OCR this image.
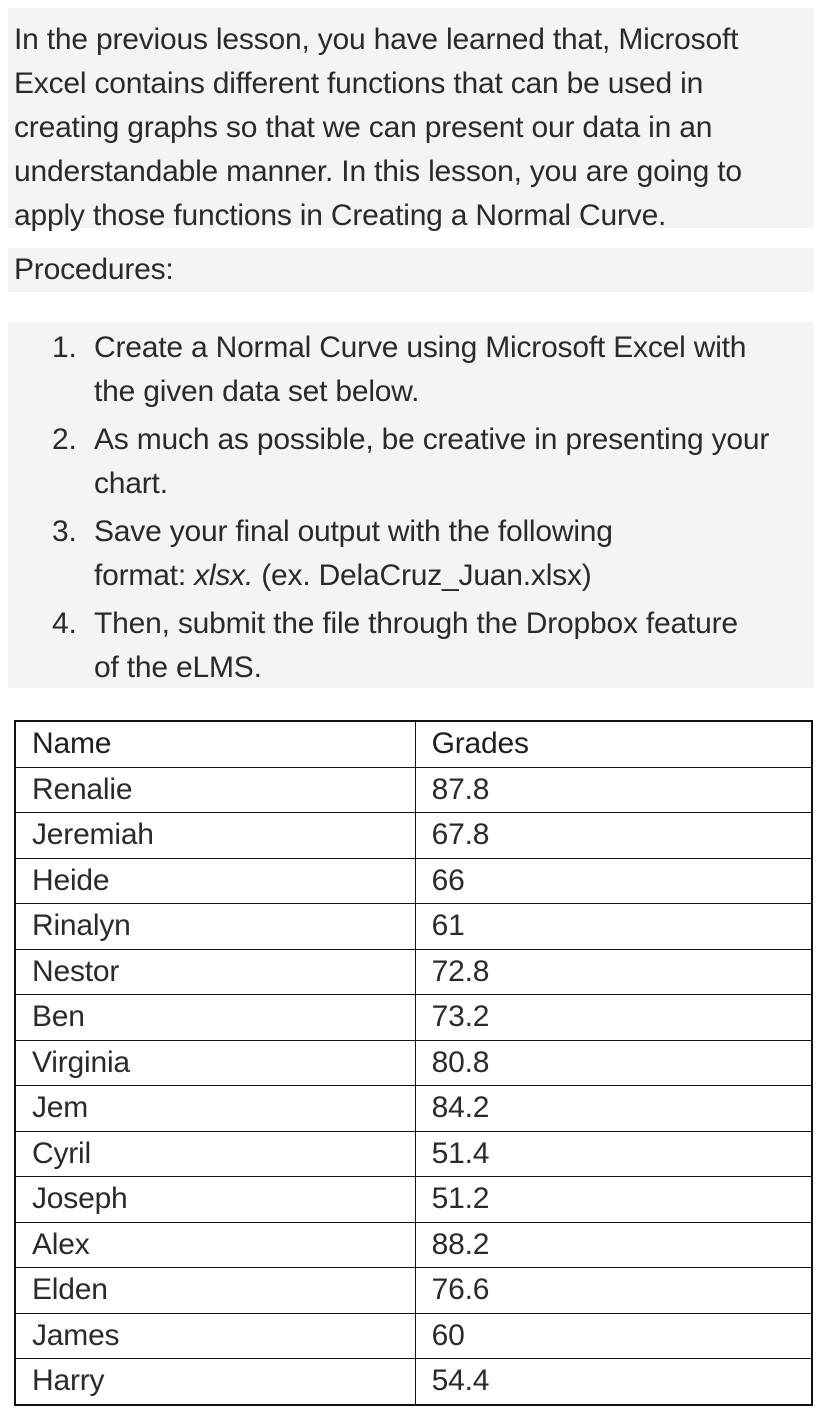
In the previous lesson, you have learned that, Microsoft
Excel contains different functions that can be used in
creating graphs so that we can present our data in an
understandable manner. In this lesson, you are going to
apply those functions in Creating a Normal Curve.
Procedures:
1. Create a Normal Curve using Microsoft Excel with
the given data set below.
2. As much as possible, be creative in presenting your
chart.
3. Save your final output with the following
format: xlsx. (ex. DelaCruz_Juan.xlsx)
4. Then, submit the file through the Dropbox feature
of the eLMS.
Name	Grades
Renalie	87.8
Jeremiah	67.8
Heide	66
Rinalyn	61
Nestor	72.8
Ben	73.2
Virginia	80.8
Jem	84.2
Cyril	51.4
Joseph	51.2
Alex	88.2
Elden	76.6
James	60
Harry	54.4
